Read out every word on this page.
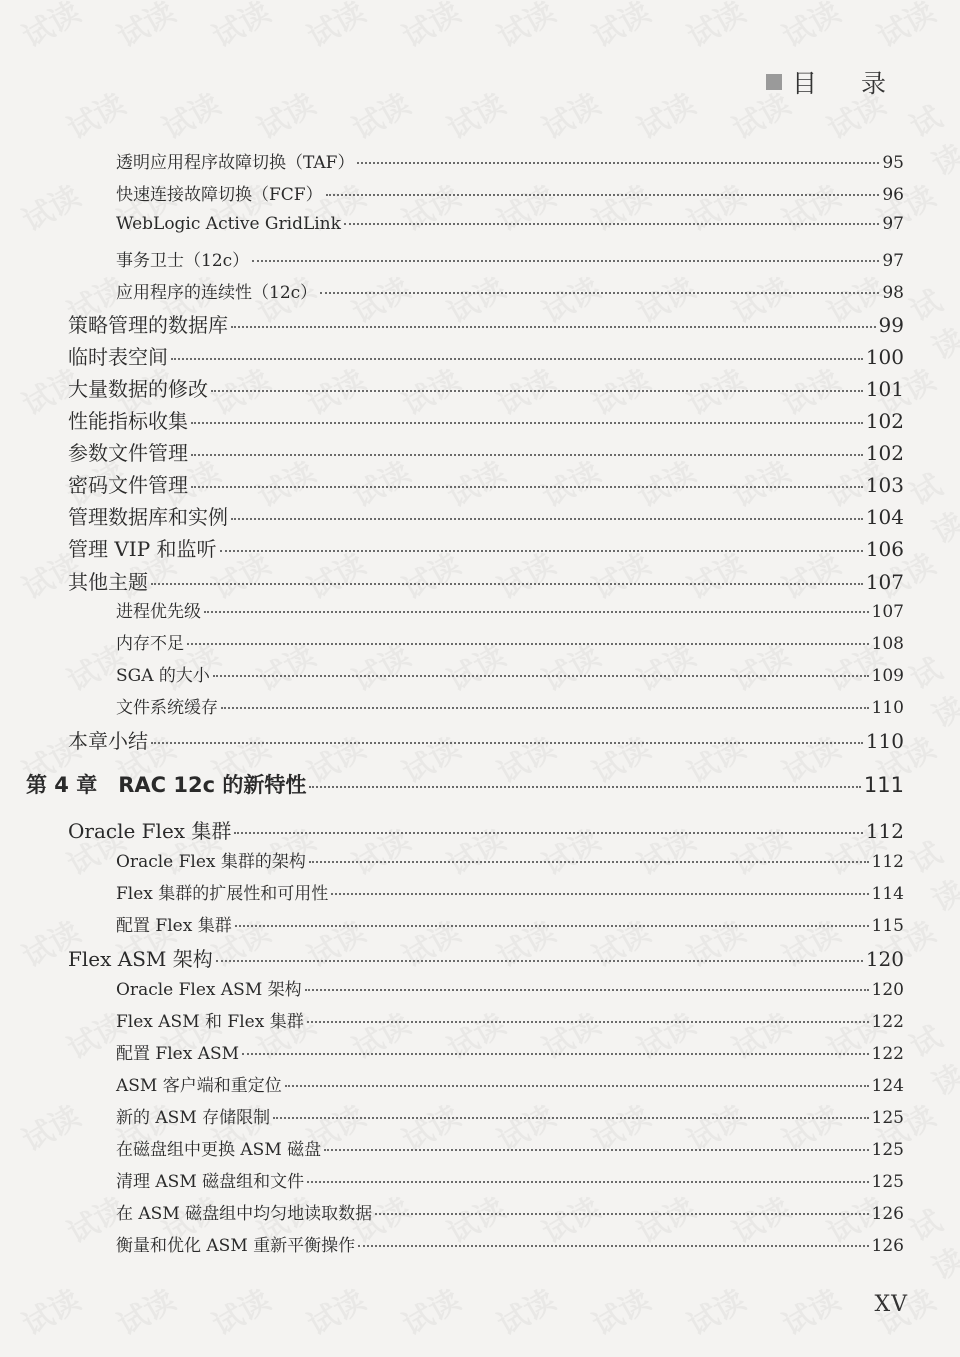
目 录
透明应用程序故障切换（TAF）	95
快速连接故障切换（FCF）	96
WebLogic Active GridLink	97
事务卫士（12c）	97
应用程序的连续性（12c）	98
策略管理的数据库	99
临时表空间	100
大量数据的修改	101
性能指标收集	102
参数文件管理	102
密码文件管理	103
管理数据库和实例	104
管理 VIP 和监听	106
其他主题	107
进程优先级	107
内存不足	108
SGA 的大小	109
文件系统缓存	110
本章小结	110
第 4 章　RAC 12c 的新特性	111
Oracle Flex 集群	112
Oracle Flex 集群的架构	112
Flex 集群的扩展性和可用性	114
配置 Flex 集群	115
Flex ASM 架构	120
Oracle Flex ASM 架构	120
Flex ASM 和 Flex 集群	122
配置 Flex ASM	122
ASM 客户端和重定位	124
新的 ASM 存储限制	125
在磁盘组中更换 ASM 磁盘	125
清理 ASM 磁盘组和文件	125
在 ASM 磁盘组中均匀地读取数据	126
衡量和优化 ASM 重新平衡操作	126
XV
